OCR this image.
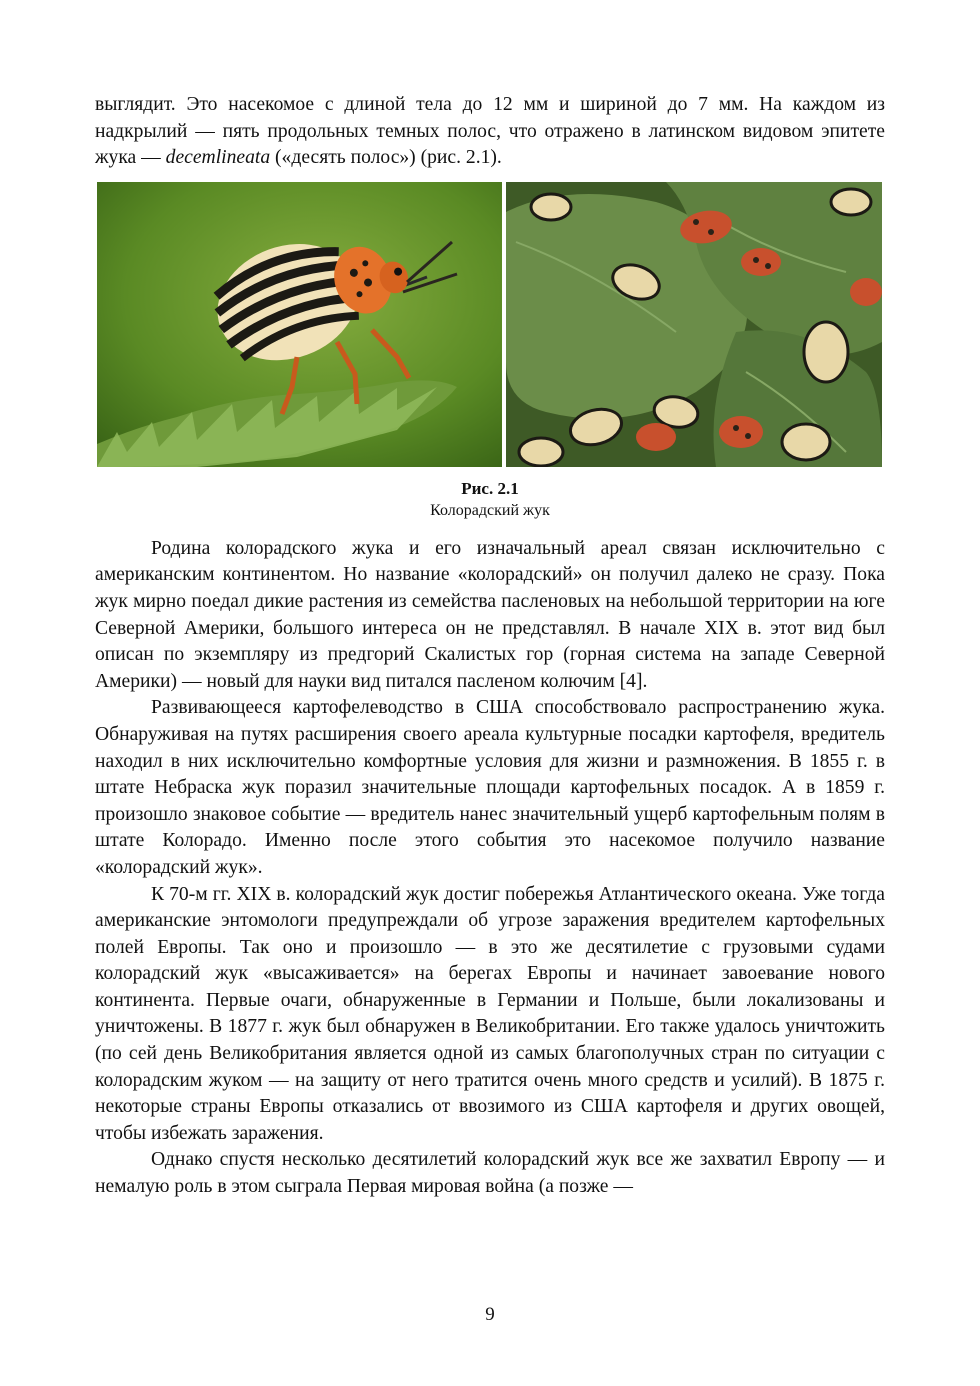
выглядит. Это насекомое с длиной тела до 12 мм и шириной до 7 мм. На каждом из надкрылий — пять продольных темных полос, что отражено в латинском видовом эпитете жука — decemlineata («десять полос») (рис. 2.1).

Рис. 2.1
Колорадский жук

Родина колорадского жука и его изначальный ареал связан исключительно с американским континентом. Но название «колорадский» он получил далеко не сразу. Пока жук мирно поедал дикие растения из семейства пасленовых на небольшой территории на юге Северной Америки, большого интереса он не представлял. В начале XIX в. этот вид был описан по экземпляру из предгорий Скалистых гор (горная система на западе Северной Америки) — новый для науки вид питался пасленом колючим [4].

Развивающееся картофелеводство в США способствовало распространению жука. Обнаруживая на путях расширения своего ареала культурные посадки картофеля, вредитель находил в них исключительно комфортные условия для жизни и размножения. В 1855 г. в штате Небраска жук поразил значительные площади картофельных посадок. А в 1859 г. произошло знаковое событие — вредитель нанес значительный ущерб картофельным полям в штате Колорадо. Именно после этого события это насекомое получило название «колорадский жук».

К 70-м гг. XIX в. колорадский жук достиг побережья Атлантического океана. Уже тогда американские энтомологи предупреждали об угрозе заражения вредителем картофельных полей Европы. Так оно и произошло — в это же десятилетие с грузовыми судами колорадский жук «высаживается» на берегах Европы и начинает завоевание нового континента. Первые очаги, обнаруженные в Германии и Польше, были локализованы и уничтожены. В 1877 г. жук был обнаружен в Великобритании. Его также удалось уничтожить (по сей день Великобритания является одной из самых благополучных стран по ситуации с колорадским жуком — на защиту от него тратится очень много средств и усилий). В 1875 г. некоторые страны Европы отказались от ввозимого из США картофеля и других овощей, чтобы избежать заражения.

Однако спустя несколько десятилетий колорадский жук все же захватил Европу — и немалую роль в этом сыграла Первая мировая война (а позже —

9
